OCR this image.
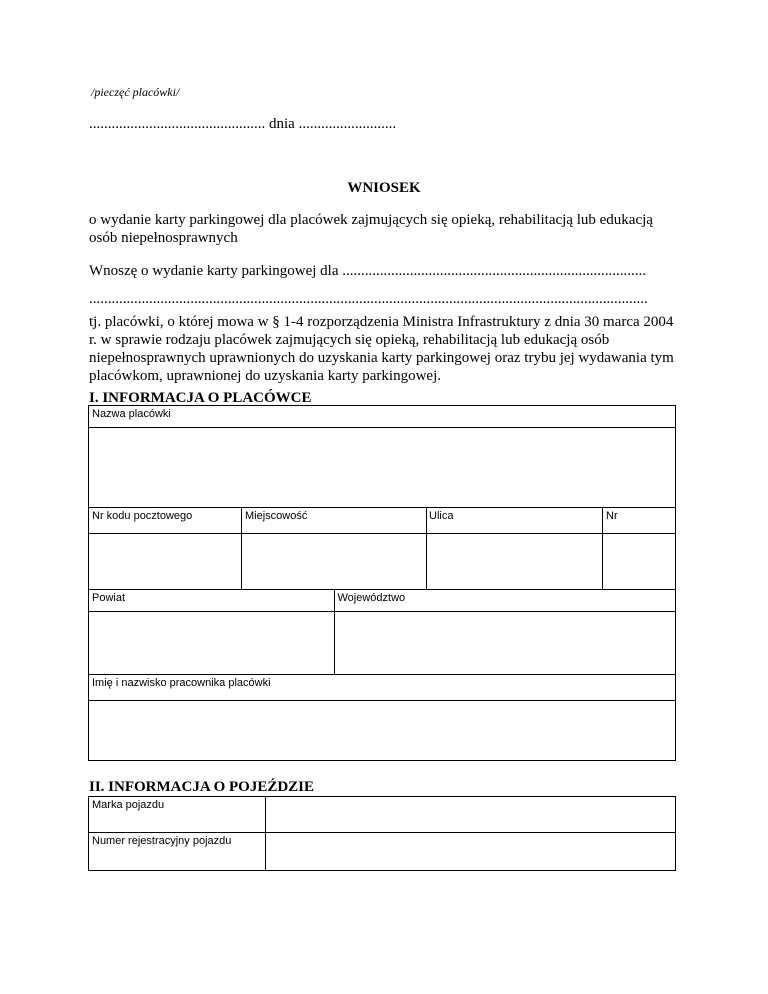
/pieczęć placówki/
............................................... dnia ..........................
WNIOSEK
o wydanie karty parkingowej dla placówek zajmujących się opieką, rehabilitacją lub edukacją osób niepełnosprawnych
Wnoszę o wydanie karty parkingowej dla .................................................................................
.....................................................................................................................................................
tj. placówki, o której mowa w § 1-4 rozporządzenia Ministra Infrastruktury z dnia 30 marca 2004 r. w sprawie rodzaju placówek zajmujących się opieką, rehabilitacją lub edukacją osób niepełnosprawnych uprawnionych do uzyskania karty parkingowej oraz trybu jej wydawania tym placówkom, uprawnionej do uzyskania karty parkingowej.
I. INFORMACJA O PLACÓWCE
Nazwa placówki				

Nr kodu pocztowego	Miejscowość		Ulica	Nr

Powiat		Województwo		

Imię i nazwisko pracownika placówki				

II. INFORMACJA O POJEŹDZIE
Marka pojazdu	

Numer rejestracyjny pojazdu	
